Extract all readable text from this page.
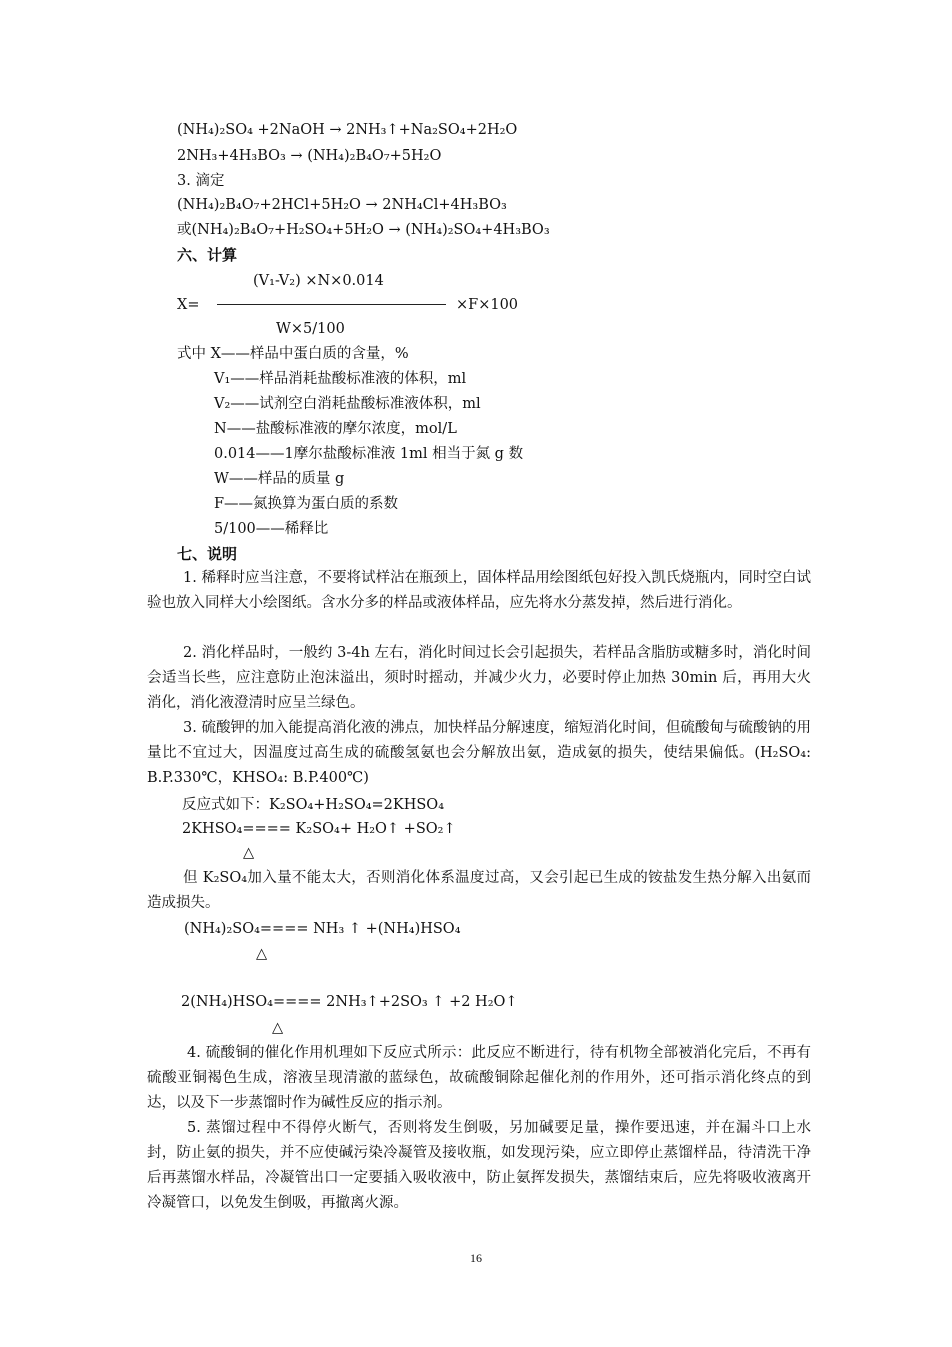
(NH₄)₂SO₄ +2NaOH → 2NH₃↑+Na₂SO₄+2H₂O
2NH₃+4H₃BO₃ → (NH₄)₂B₄O₇+5H₂O
3. 滴定
(NH₄)₂B₄O₇+2HCl+5H₂O → 2NH₄Cl+4H₃BO₃
或(NH₄)₂B₄O₇+H₂SO₄+5H₂O → (NH₄)₂SO₄+4H₃BO₃
六、计算
(V₁-V₂) ×N×0.014
X=	×F×100
W×5/100
式中 X——样品中蛋白质的含量，%
V₁——样品消耗盐酸标准液的体积，ml
V₂——试剂空白消耗盐酸标准液体积，ml
N——盐酸标准液的摩尔浓度，mol/L
0.014——1摩尔盐酸标准液 1ml 相当于氮 g 数
W——样品的质量 g
F——氮换算为蛋白质的系数
5/100——稀释比
七、说明
1. 稀释时应当注意，不要将试样沾在瓶颈上，固体样品用绘图纸包好投入凯氏烧瓶内，同时空白试验也放入同样大小绘图纸。含水分多的样品或液体样品，应先将水分蒸发掉，然后进行消化。
2. 消化样品时，一般约 3-4h 左右，消化时间过长会引起损失，若样品含脂肪或糖多时，消化时间会适当长些，应注意防止泡沫溢出，须时时摇动，并减少火力，必要时停止加热 30min 后，再用大火消化，消化液澄清时应呈兰绿色。
3. 硫酸钾的加入能提高消化液的沸点，加快样品分解速度，缩短消化时间，但硫酸甸与硫酸钠的用量比不宜过大，因温度过高生成的硫酸氢氨也会分解放出氨，造成氨的损失，使结果偏低。(H₂SO₄: B.P.330℃，KHSO₄: B.P.400℃)
反应式如下：K₂SO₄+H₂SO₄=2KHSO₄
2KHSO₄==== K₂SO₄+ H₂O↑ +SO₂↑
△
但 K₂SO₄加入量不能太大，否则消化体系温度过高，又会引起已生成的铵盐发生热分解入出氨而造成损失。
(NH₄)₂SO₄==== NH₃ ↑ +(NH₄)HSO₄
△
2(NH₄)HSO₄==== 2NH₃↑+2SO₃ ↑ +2 H₂O↑
△
4. 硫酸铜的催化作用机理如下反应式所示：此反应不断进行，待有机物全部被消化完后，不再有硫酸亚铜褐色生成，溶液呈现清澈的蓝绿色，故硫酸铜除起催化剂的作用外，还可指示消化终点的到达，以及下一步蒸馏时作为碱性反应的指示剂。
5. 蒸馏过程中不得停火断气，否则将发生倒吸，另加碱要足量，操作要迅速，并在漏斗口上水封，防止氨的损失，并不应使碱污染冷凝管及接收瓶，如发现污染，应立即停止蒸馏样品，待清洗干净后再蒸馏水样品，冷凝管出口一定要插入吸收液中，防止氨挥发损失，蒸馏结束后，应先将吸收液离开冷凝管口，以免发生倒吸，再撤离火源。
16
